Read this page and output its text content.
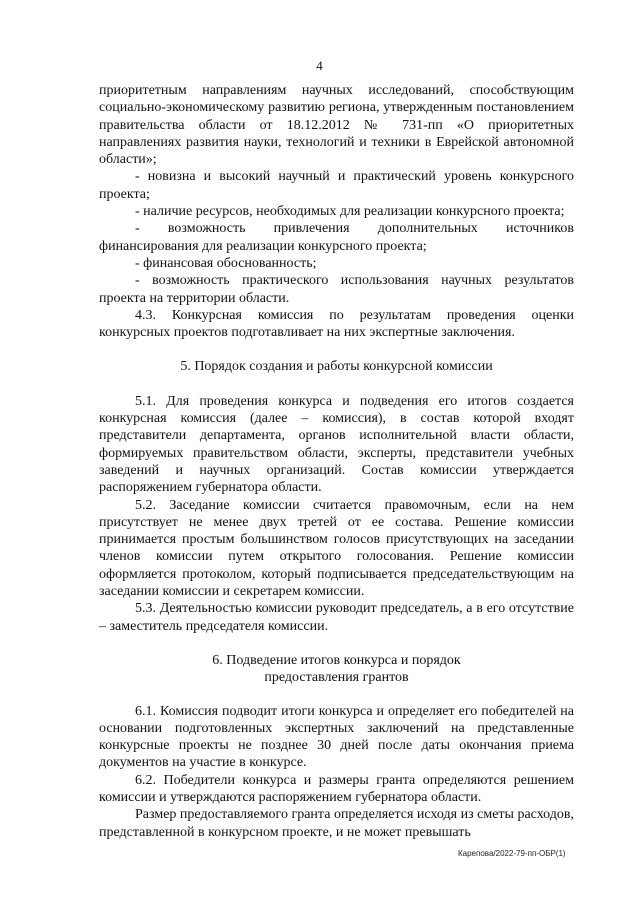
4

приоритетным направлениям научных исследований, способствующим социально-экономическому развитию региона, утвержденным постановлением правительства области от 18.12.2012 № 731-пп «О приоритетных направлениях развития науки, технологий и техники в Еврейской автономной области»;

- новизна и высокий научный и практический уровень конкурсного проекта;

- наличие ресурсов, необходимых для реализации конкурсного проекта;

- возможность привлечения дополнительных источников финансирования для реализации конкурсного проекта;

- финансовая обоснованность;

- возможность практического использования научных результатов проекта на территории области.

4.3. Конкурсная комиссия по результатам проведения оценки конкурсных проектов подготавливает на них экспертные заключения.

5. Порядок создания и работы конкурсной комиссии

5.1. Для проведения конкурса и подведения его итогов создается конкурсная комиссия (далее – комиссия), в состав которой входят представители департамента, органов исполнительной власти области, формируемых правительством области, эксперты, представители учебных заведений и научных организаций. Состав комиссии утверждается распоряжением губернатора области.

5.2. Заседание комиссии считается правомочным, если на нем присутствует не менее двух третей от ее состава. Решение комиссии принимается простым большинством голосов присутствующих на заседании членов комиссии путем открытого голосования. Решение комиссии оформляется протоколом, который подписывается председательствующим на заседании комиссии и секретарем комиссии.

5.3. Деятельностью комиссии руководит председатель, а в его отсутствие – заместитель председателя комиссии.

6. Подведение итогов конкурса и порядок
предоставления грантов

6.1. Комиссия подводит итоги конкурса и определяет его победителей на основании подготовленных экспертных заключений на представленные конкурсные проекты не позднее 30 дней после даты окончания приема документов на участие в конкурсе.

6.2. Победители конкурса и размеры гранта определяются решением комиссии и утверждаются распоряжением губернатора области.

Размер предоставляемого гранта определяется исходя из сметы расходов, представленной в конкурсном проекте, и не может превышать

Карепова/2022-79-пп-ОБР(1)
